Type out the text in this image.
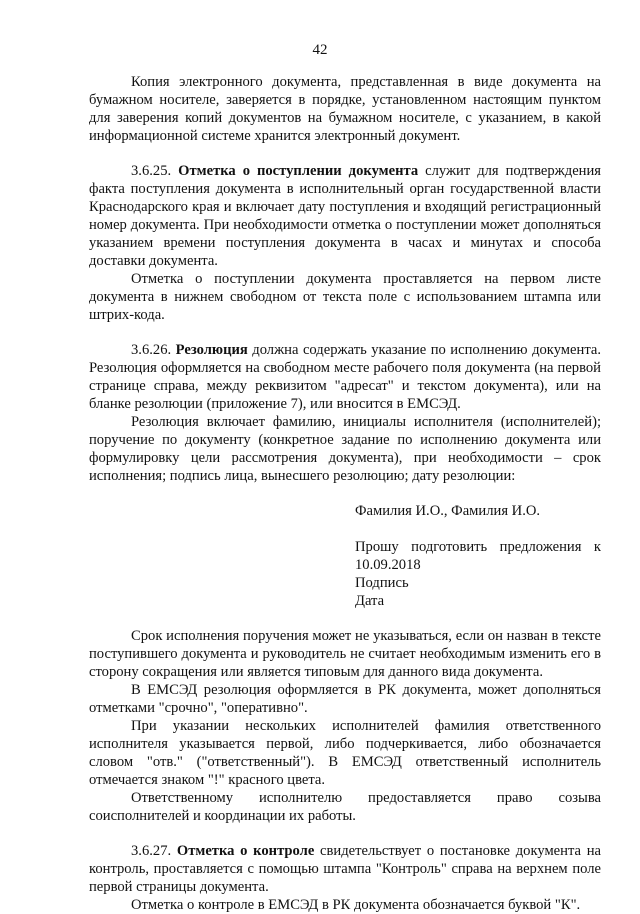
42

Копия электронного документа, представленная в виде документа на бумажном носителе, заверяется в порядке, установленном настоящим пунктом для заверения копий документов на бумажном носителе, с указанием, в какой информационной системе хранится электронный документ.

3.6.25. Отметка о поступлении документа служит для подтверждения факта поступления документа в исполнительный орган государственной власти Краснодарского края и включает дату поступления и входящий регистрационный номер документа. При необходимости отметка о поступлении может дополняться указанием времени поступления документа в часах и минутах и способа доставки документа.

Отметка о поступлении документа проставляется на первом листе документа в нижнем свободном от текста поле с использованием штампа или штрих-кода.

3.6.26. Резолюция должна содержать указание по исполнению документа. Резолюция оформляется на свободном месте рабочего поля документа (на первой странице справа, между реквизитом "адресат" и текстом документа), или на бланке резолюции (приложение 7), или вносится в ЕМСЭД.

Резолюция включает фамилию, инициалы исполнителя (исполнителей); поручение по документу (конкретное задание по исполнению документа или формулировку цели рассмотрения документа), при необходимости – срок исполнения; подпись лица, вынесшего резолюцию; дату резолюции:

Фамилия И.О., Фамилия И.О.

Прошу подготовить предложения к 10.09.2018

Подпись

Дата

Срок исполнения поручения может не указываться, если он назван в тексте поступившего документа и руководитель не считает необходимым изменить его в сторону сокращения или является типовым для данного вида документа.

В ЕМСЭД резолюция оформляется в РК документа, может дополняться отметками "срочно", "оперативно".

При указании нескольких исполнителей фамилия ответственного исполнителя указывается первой, либо подчеркивается, либо обозначается словом "отв." ("ответственный"). В ЕМСЭД ответственный исполнитель отмечается знаком "!" красного цвета.

Ответственному исполнителю предоставляется право созыва соисполнителей и координации их работы.

3.6.27. Отметка о контроле свидетельствует о постановке документа на контроль, проставляется с помощью штампа "Контроль" справа на верхнем поле первой страницы документа.

Отметка о контроле в ЕМСЭД в РК документа обозначается буквой "К".
